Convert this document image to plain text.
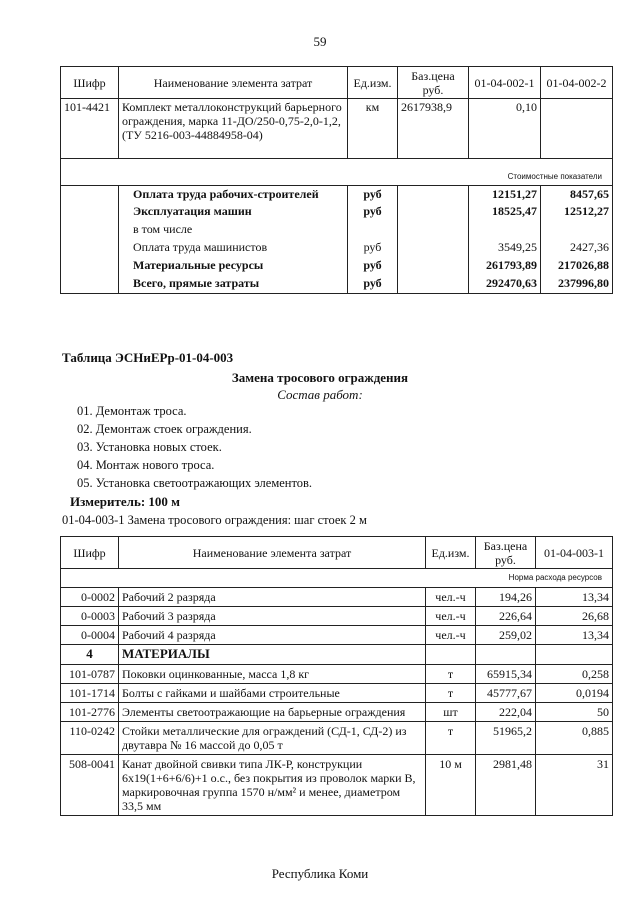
59
Шифр	Наименование элемента затрат	Ед.изм.	Баз.цена руб.	01-04-002-1	01-04-002-2
101-4421	Комплект металлоконструкций барьерного ограждения, марка 11-ДО/250-0,75-2,0-1,2, (ТУ 5216-003-44884958-04)	км	2617938,9	0,10	

Стоимостные показатели					
	Оплата труда рабочих-строителей	руб		12151,27	8457,65
	Эксплуатация машин	руб		18525,47	12512,27
	в том числе				
	Оплата труда машинистов	руб		3549,25	2427,36
	Материальные ресурсы	руб		261793,89	217026,88
	Всего, прямые затраты	руб		292470,63	237996,80
Таблица ЭСНиЕРр-01-04-003
Замена тросового ограждения
Состав работ:
01. Демонтаж троса.
02. Демонтаж стоек ограждения.
03. Установка новых стоек.
04. Монтаж нового троса.
05. Установка светоотражающих элементов.
Измеритель: 100 м
01-04-003-1 Замена тросового ограждения: шаг стоек 2 м
Шифр	Наименование элемента затрат	Ед.изм.	Баз.цена руб.	01-04-003-1
Норма расхода ресурсов				
0-0002	Рабочий 2 разряда	чел.-ч	194,26	13,34
0-0003	Рабочий 3 разряда	чел.-ч	226,64	26,68
0-0004	Рабочий 4 разряда	чел.-ч	259,02	13,34
4	МАТЕРИАЛЫ			
101-0787	Поковки оцинкованные, масса 1,8 кг	т	65915,34	0,258
101-1714	Болты с гайками и шайбами строительные	т	45777,67	0,0194
101-2776	Элементы светоотражающие на барьерные ограждения	шт	222,04	50
110-0242	Стойки металлические для ограждений (СД-1, СД-2) из двутавра № 16 массой до 0,05 т	т	51965,2	0,885
508-0041	Канат двойной свивки типа ЛК-Р, конструкции 6х19(1+6+6/6)+1 о.с., без покрытия из проволок марки В, маркировочная группа 1570 н/мм² и менее, диаметром 33,5 мм	10 м	2981,48	31
Республика Коми
